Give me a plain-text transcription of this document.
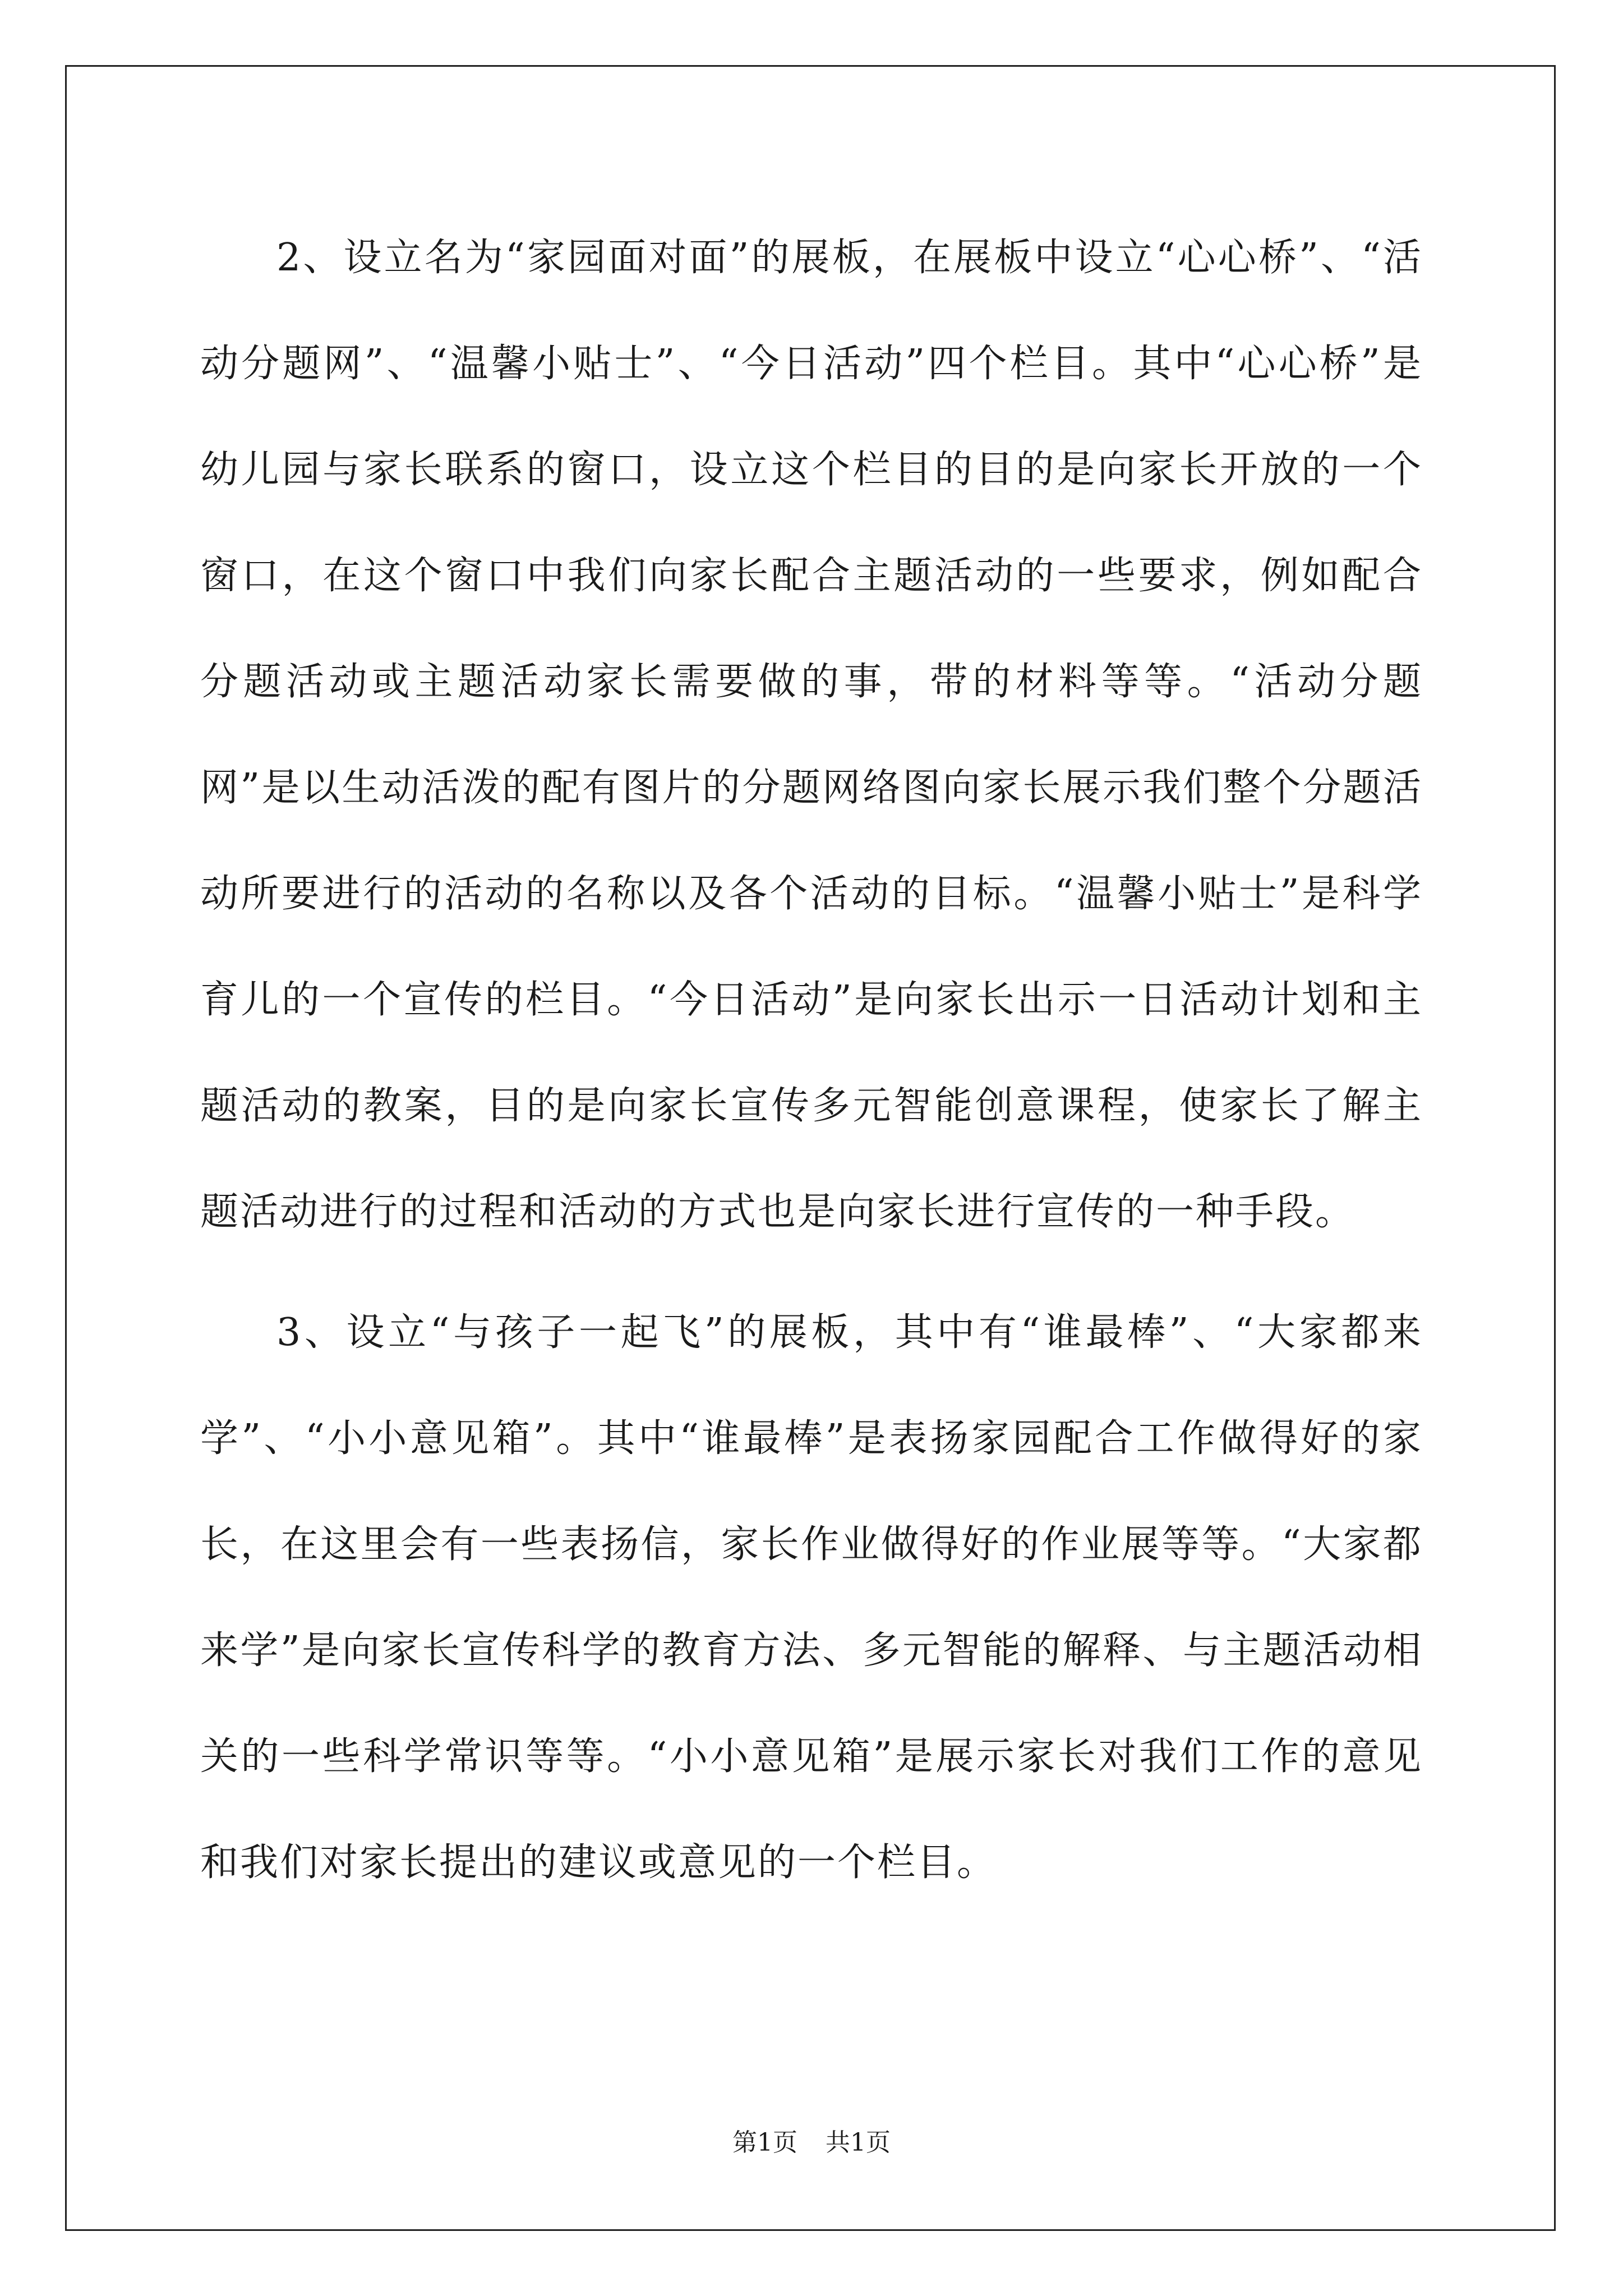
2、设立名为“家园面对面”的展板，在展板中设立“心心桥”、“活动分题网”、“温馨小贴士”、“今日活动”四个栏目。其中“心心桥”是幼儿园与家长联系的窗口，设立这个栏目的目的是向家长开放的一个窗口，在这个窗口中我们向家长配合主题活动的一些要求，例如配合分题活动或主题活动家长需要做的事，带的材料等等。“活动分题网”是以生动活泼的配有图片的分题网络图向家长展示我们整个分题活动所要进行的活动的名称以及各个活动的目标。“温馨小贴士”是科学育儿的一个宣传的栏目。“今日活动”是向家长出示一日活动计划和主题活动的教案，目的是向家长宣传多元智能创意课程，使家长了解主题活动进行的过程和活动的方式也是向家长进行宣传的一种手段。

3、设立“与孩子一起飞”的展板，其中有“谁最棒”、“大家都来学”、“小小意见箱”。其中“谁最棒”是表扬家园配合工作做得好的家长，在这里会有一些表扬信，家长作业做得好的作业展等等。“大家都来学”是向家长宣传科学的教育方法、多元智能的解释、与主题活动相关的一些科学常识等等。“小小意见箱”是展示家长对我们工作的意见和我们对家长提出的建议或意见的一个栏目。

第1页 共1页
